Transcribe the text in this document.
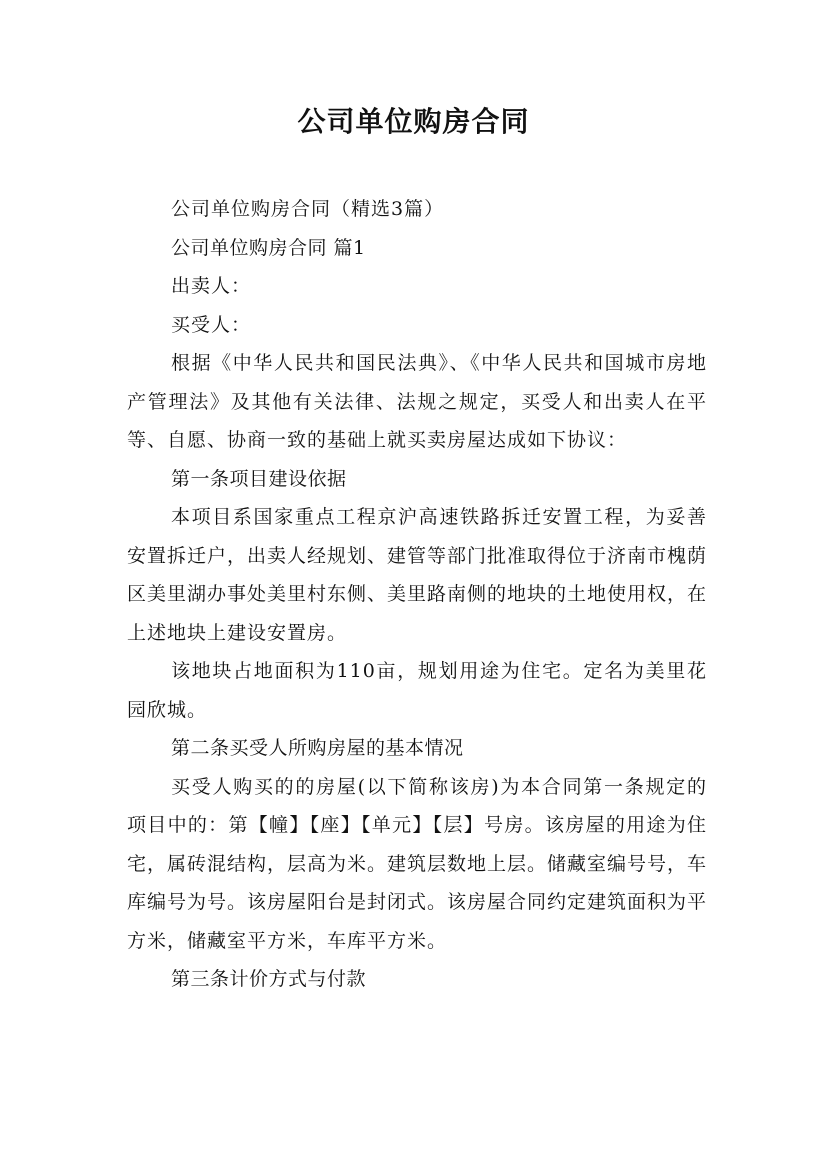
公司单位购房合同

公司单位购房合同（精选3篇）

公司单位购房合同 篇1

出卖人：

买受人：

根据《中华人民共和国民法典》、《中华人民共和国城市房地产管理法》及其他有关法律、法规之规定，买受人和出卖人在平等、自愿、协商一致的基础上就买卖房屋达成如下协议：

第一条项目建设依据

本项目系国家重点工程京沪高速铁路拆迁安置工程，为妥善安置拆迁户，出卖人经规划、建管等部门批准取得位于济南市槐荫区美里湖办事处美里村东侧、美里路南侧的地块的土地使用权，在上述地块上建设安置房。

该地块占地面积为110亩，规划用途为住宅。定名为美里花园欣城。

第二条买受人所购房屋的基本情况

买受人购买的的房屋(以下简称该房)为本合同第一条规定的项目中的：第【幢】【座】【单元】【层】号房。该房屋的用途为住宅，属砖混结构，层高为米。建筑层数地上层。储藏室编号号，车库编号为号。该房屋阳台是封闭式。该房屋合同约定建筑面积为平方米，储藏室平方米，车库平方米。

第三条计价方式与付款
